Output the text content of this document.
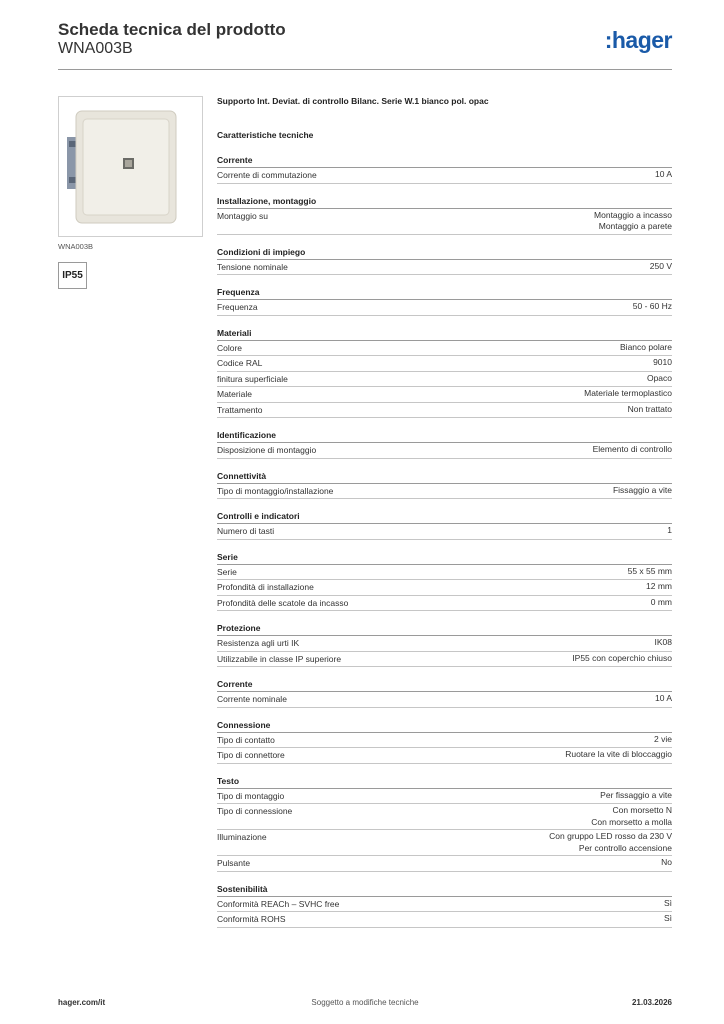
Scheda tecnica del prodotto
WNA003B	:hager
WNA003B
IP55
Supporto Int. Deviat. di controllo Bilanc. Serie W.1 bianco pol. opac
Caratteristiche tecniche
Corrente
Corrente di commutazione	10 A
Installazione, montaggio
Montaggio su	Montaggio a incasso
Montaggio a parete
Condizioni di impiego
Tensione nominale	250 V
Frequenza
Frequenza	50 - 60 Hz
Materiali
Colore	Bianco polare
Codice RAL	9010
finitura superficiale	Opaco
Materiale	Materiale termoplastico
Trattamento	Non trattato
Identificazione
Disposizione di montaggio	Elemento di controllo
Connettività
Tipo di montaggio/installazione	Fissaggio a vite
Controlli e indicatori
Numero di tasti	1
Serie
Serie	55 x 55 mm
Profondità di installazione	12 mm
Profondità delle scatole da incasso	0 mm
Protezione
Resistenza agli urti IK	IK08
Utilizzabile in classe IP superiore	IP55 con coperchio chiuso
Corrente
Corrente nominale	10 A
Connessione
Tipo di contatto	2 vie
Tipo di connettore	Ruotare la vite di bloccaggio
Testo
Tipo di montaggio	Per fissaggio a vite
Tipo di connessione	Con morsetto N
Con morsetto a molla
Illuminazione	Con gruppo LED rosso da 230 V
Per controllo accensione
Pulsante	No
Sostenibilità
Conformità REACh – SVHC free	Sì
Conformità ROHS	Sì
hager.com/it	Soggetto a modifiche tecniche	21.03.2026
